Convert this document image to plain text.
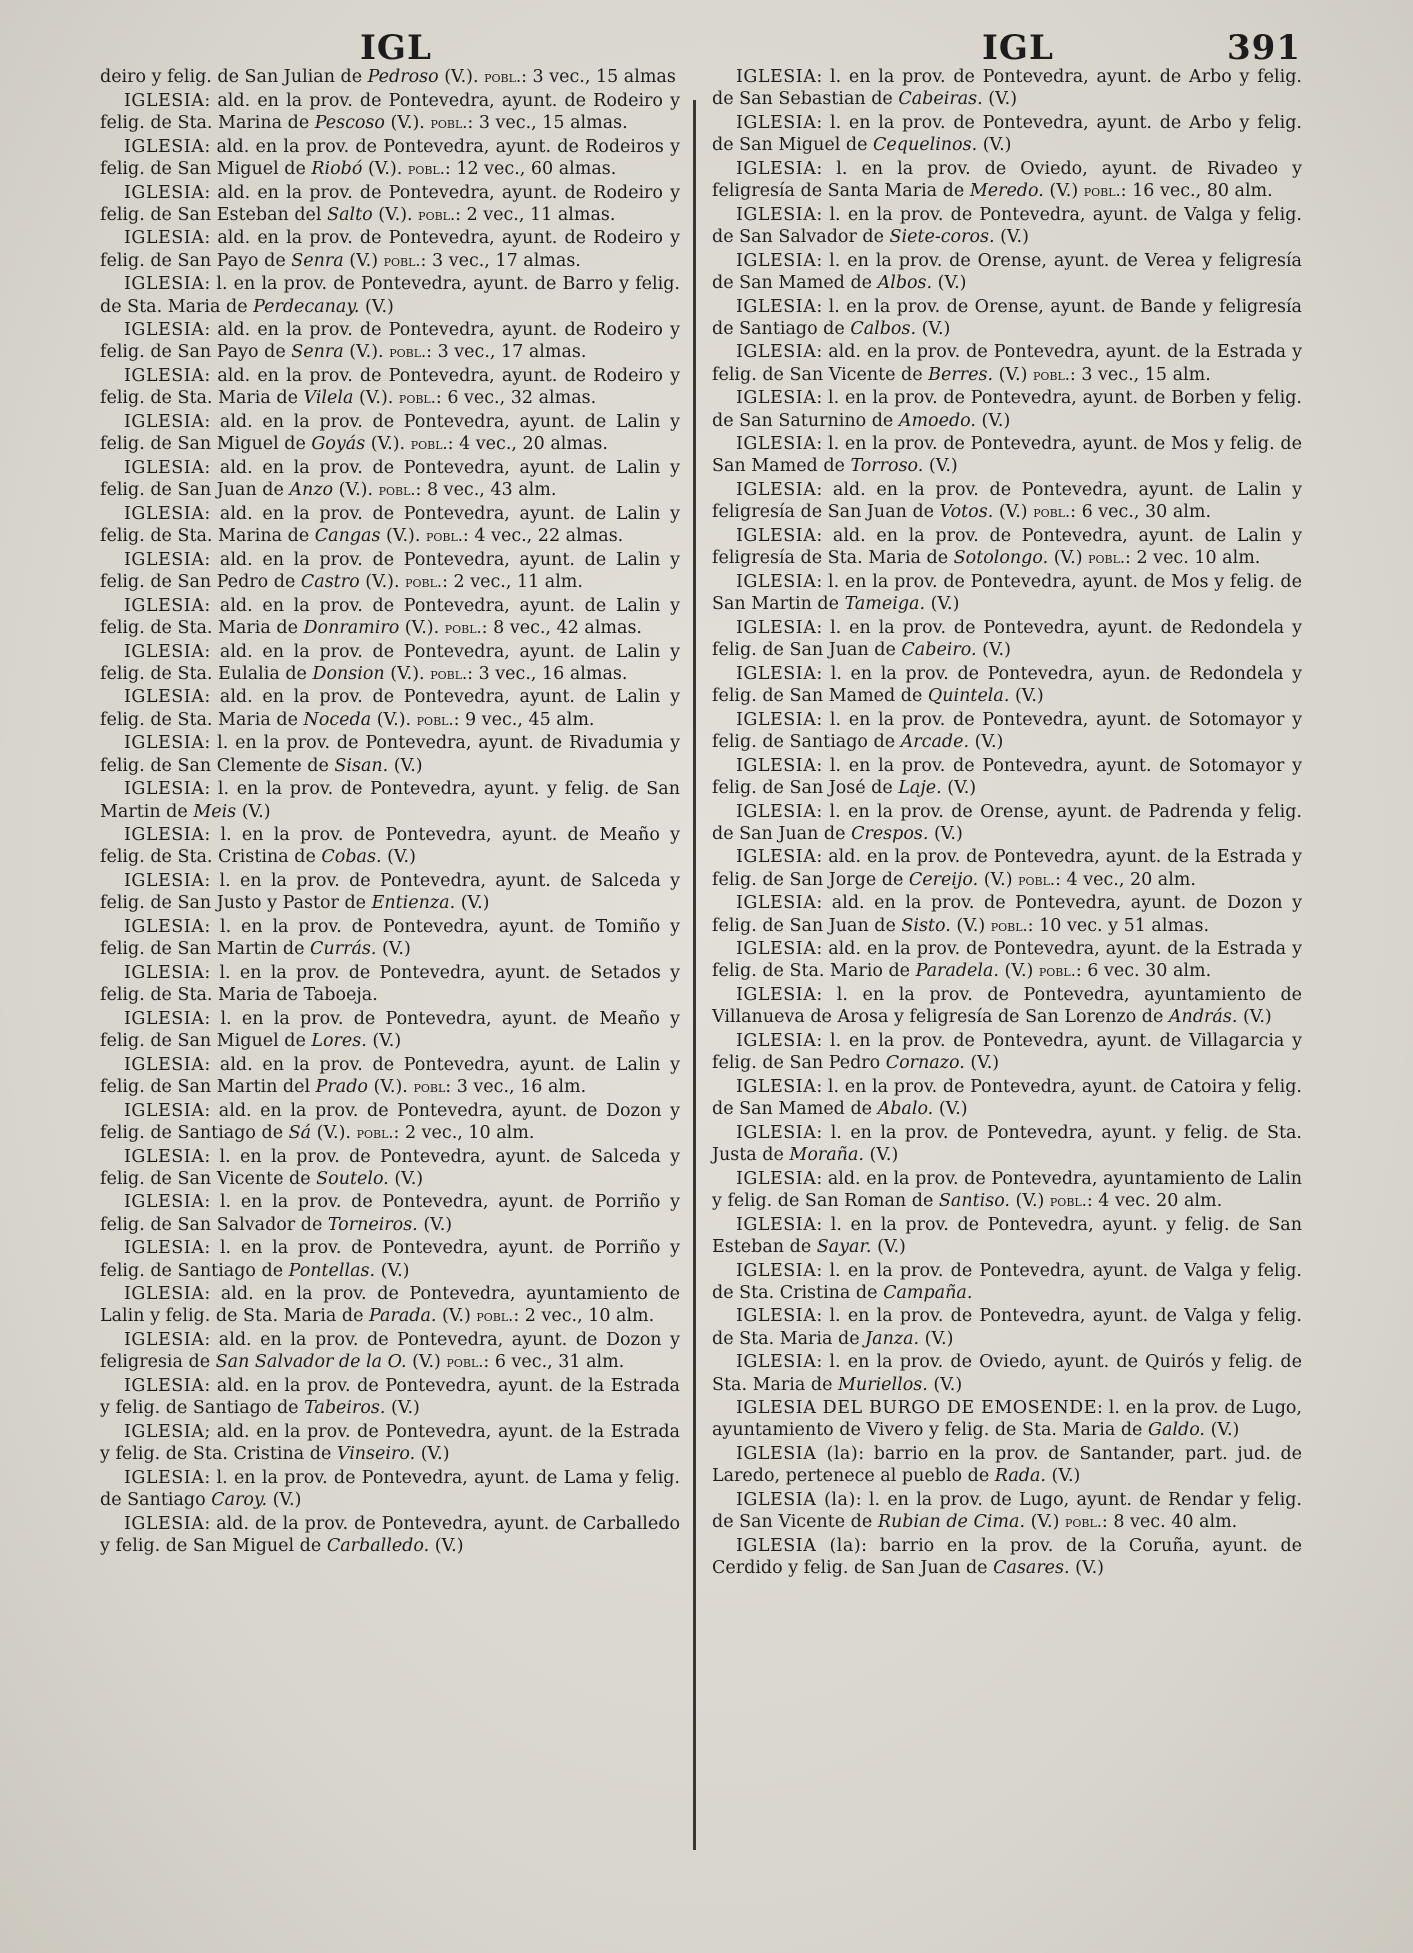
IGL	IGL	391

deiro y felig. de San Julian de Pedroso (V.). pobl.: 3 vec., 15 almas

IGLESIA: ald. en la prov. de Pontevedra, ayunt. de Rodeiro y felig. de Sta. Marina de Pescoso (V.). pobl.: 3 vec., 15 almas.

IGLESIA: ald. en la prov. de Pontevedra, ayunt. de Rodeiros y felig. de San Miguel de Riobó (V.). pobl.: 12 vec., 60 almas.

IGLESIA: ald. en la prov. de Pontevedra, ayunt. de Rodeiro y felig. de San Esteban del Salto (V.). pobl.: 2 vec., 11 almas.

IGLESIA: ald. en la prov. de Pontevedra, ayunt. de Rodeiro y felig. de San Payo de Senra (V.) pobl.: 3 vec., 17 almas.

IGLESIA: l. en la prov. de Pontevedra, ayunt. de Barro y felig. de Sta. Maria de Perdecanay. (V.)

IGLESIA: ald. en la prov. de Pontevedra, ayunt. de Rodeiro y felig. de San Payo de Senra (V.). pobl.: 3 vec., 17 almas.

IGLESIA: ald. en la prov. de Pontevedra, ayunt. de Rodeiro y felig. de Sta. Maria de Vilela (V.). pobl.: 6 vec., 32 almas.

IGLESIA: ald. en la prov. de Pontevedra, ayunt. de Lalin y felig. de San Miguel de Goyás (V.). pobl.: 4 vec., 20 almas.

IGLESIA: ald. en la prov. de Pontevedra, ayunt. de Lalin y felig. de San Juan de Anzo (V.). pobl.: 8 vec., 43 alm.

IGLESIA: ald. en la prov. de Pontevedra, ayunt. de Lalin y felig. de Sta. Marina de Cangas (V.). pobl.: 4 vec., 22 almas.

IGLESIA: ald. en la prov. de Pontevedra, ayunt. de Lalin y felig. de San Pedro de Castro (V.). pobl.: 2 vec., 11 alm.

IGLESIA: ald. en la prov. de Pontevedra, ayunt. de Lalin y felig. de Sta. Maria de Donramiro (V.). pobl.: 8 vec., 42 almas.

IGLESIA: ald. en la prov. de Pontevedra, ayunt. de Lalin y felig. de Sta. Eulalia de Donsion (V.). pobl.: 3 vec., 16 almas.

IGLESIA: ald. en la prov. de Pontevedra, ayunt. de Lalin y felig. de Sta. Maria de Noceda (V.). pobl.: 9 vec., 45 alm.

IGLESIA: l. en la prov. de Pontevedra, ayunt. de Rivadumia y felig. de San Clemente de Sisan. (V.)

IGLESIA: l. en la prov. de Pontevedra, ayunt. y felig. de San Martin de Meis (V.)

IGLESIA: l. en la prov. de Pontevedra, ayunt. de Meaño y felig. de Sta. Cristina de Cobas. (V.)

IGLESIA: l. en la prov. de Pontevedra, ayunt. de Salceda y felig. de San Justo y Pastor de Entienza. (V.)

IGLESIA: l. en la prov. de Pontevedra, ayunt. de Tomiño y felig. de San Martin de Currás. (V.)

IGLESIA: l. en la prov. de Pontevedra, ayunt. de Setados y felig. de Sta. Maria de Taboeja.

IGLESIA: l. en la prov. de Pontevedra, ayunt. de Meaño y felig. de San Miguel de Lores. (V.)

IGLESIA: ald. en la prov. de Pontevedra, ayunt. de Lalin y felig. de San Martin del Prado (V.). pobl: 3 vec., 16 alm.

IGLESIA: ald. en la prov. de Pontevedra, ayunt. de Dozon y felig. de Santiago de Sá (V.). pobl.: 2 vec., 10 alm.

IGLESIA: l. en la prov. de Pontevedra, ayunt. de Salceda y felig. de San Vicente de Soutelo. (V.)

IGLESIA: l. en la prov. de Pontevedra, ayunt. de Porriño y felig. de San Salvador de Torneiros. (V.)

IGLESIA: l. en la prov. de Pontevedra, ayunt. de Porriño y felig. de Santiago de Pontellas. (V.)

IGLESIA: ald. en la prov. de Pontevedra, ayuntamiento de Lalin y felig. de Sta. Maria de Parada. (V.) pobl.: 2 vec., 10 alm.

IGLESIA: ald. en la prov. de Pontevedra, ayunt. de Dozon y feligresia de San Salvador de la O. (V.) pobl.: 6 vec., 31 alm.

IGLESIA: ald. en la prov. de Pontevedra, ayunt. de la Estrada y felig. de Santiago de Tabeiros. (V.)

IGLESIA; ald. en la prov. de Pontevedra, ayunt. de la Estrada y felig. de Sta. Cristina de Vinseiro. (V.)

IGLESIA: l. en la prov. de Pontevedra, ayunt. de Lama y felig. de Santiago Caroy. (V.)

IGLESIA: ald. de la prov. de Pontevedra, ayunt. de Carballedo y felig. de San Miguel de Carballedo. (V.)

IGLESIA: l. en la prov. de Pontevedra, ayunt. de Arbo y felig. de San Sebastian de Cabeiras. (V.)

IGLESIA: l. en la prov. de Pontevedra, ayunt. de Arbo y felig. de San Miguel de Cequelinos. (V.)

IGLESIA: l. en la prov. de Oviedo, ayunt. de Rivadeo y feligresía de Santa Maria de Meredo. (V.) pobl.: 16 vec., 80 alm.

IGLESIA: l. en la prov. de Pontevedra, ayunt. de Valga y felig. de San Salvador de Siete-coros. (V.)

IGLESIA: l. en la prov. de Orense, ayunt. de Verea y feligresía de San Mamed de Albos. (V.)

IGLESIA: l. en la prov. de Orense, ayunt. de Bande y feligresía de Santiago de Calbos. (V.)

IGLESIA: ald. en la prov. de Pontevedra, ayunt. de la Estrada y felig. de San Vicente de Berres. (V.) pobl.: 3 vec., 15 alm.

IGLESIA: l. en la prov. de Pontevedra, ayunt. de Borben y felig. de San Saturnino de Amoedo. (V.)

IGLESIA: l. en la prov. de Pontevedra, ayunt. de Mos y felig. de San Mamed de Torroso. (V.)

IGLESIA: ald. en la prov. de Pontevedra, ayunt. de Lalin y feligresía de San Juan de Votos. (V.) pobl.: 6 vec., 30 alm.

IGLESIA: ald. en la prov. de Pontevedra, ayunt. de Lalin y feligresía de Sta. Maria de Sotolongo. (V.) pobl.: 2 vec. 10 alm.

IGLESIA: l. en la prov. de Pontevedra, ayunt. de Mos y felig. de San Martin de Tameiga. (V.)

IGLESIA: l. en la prov. de Pontevedra, ayunt. de Redondela y felig. de San Juan de Cabeiro. (V.)

IGLESIA: l. en la prov. de Pontevedra, ayun. de Redondela y felig. de San Mamed de Quintela. (V.)

IGLESIA: l. en la prov. de Pontevedra, ayunt. de Sotomayor y felig. de Santiago de Arcade. (V.)

IGLESIA: l. en la prov. de Pontevedra, ayunt. de Sotomayor y felig. de San José de Laje. (V.)

IGLESIA: l. en la prov. de Orense, ayunt. de Padrenda y felig. de San Juan de Crespos. (V.)

IGLESIA: ald. en la prov. de Pontevedra, ayunt. de la Estrada y felig. de San Jorge de Cereijo. (V.) pobl.: 4 vec., 20 alm.

IGLESIA: ald. en la prov. de Pontevedra, ayunt. de Dozon y felig. de San Juan de Sisto. (V.) pobl.: 10 vec. y 51 almas.

IGLESIA: ald. en la prov. de Pontevedra, ayunt. de la Estrada y felig. de Sta. Mario de Paradela. (V.) pobl.: 6 vec. 30 alm.

IGLESIA: l. en la prov. de Pontevedra, ayuntamiento de Villanueva de Arosa y feligresía de San Lorenzo de András. (V.)

IGLESIA: l. en la prov. de Pontevedra, ayunt. de Villagarcia y felig. de San Pedro Cornazo. (V.)

IGLESIA: l. en la prov. de Pontevedra, ayunt. de Catoira y felig. de San Mamed de Abalo. (V.)

IGLESIA: l. en la prov. de Pontevedra, ayunt. y felig. de Sta. Justa de Moraña. (V.)

IGLESIA: ald. en la prov. de Pontevedra, ayuntamiento de Lalin y felig. de San Roman de Santiso. (V.) pobl.: 4 vec. 20 alm.

IGLESIA: l. en la prov. de Pontevedra, ayunt. y felig. de San Esteban de Sayar. (V.)

IGLESIA: l. en la prov. de Pontevedra, ayunt. de Valga y felig. de Sta. Cristina de Campaña.

IGLESIA: l. en la prov. de Pontevedra, ayunt. de Valga y felig. de Sta. Maria de Janza. (V.)

IGLESIA: l. en la prov. de Oviedo, ayunt. de Quirós y felig. de Sta. Maria de Muriellos. (V.)

IGLESIA DEL BURGO DE EMOSENDE: l. en la prov. de Lugo, ayuntamiento de Vivero y felig. de Sta. Maria de Galdo. (V.)

IGLESIA (la): barrio en la prov. de Santander, part. jud. de Laredo, pertenece al pueblo de Rada. (V.)

IGLESIA (la): l. en la prov. de Lugo, ayunt. de Rendar y felig. de San Vicente de Rubian de Cima. (V.) pobl.: 8 vec. 40 alm.

IGLESIA (la): barrio en la prov. de la Coruña, ayunt. de Cerdido y felig. de San Juan de Casares. (V.)
